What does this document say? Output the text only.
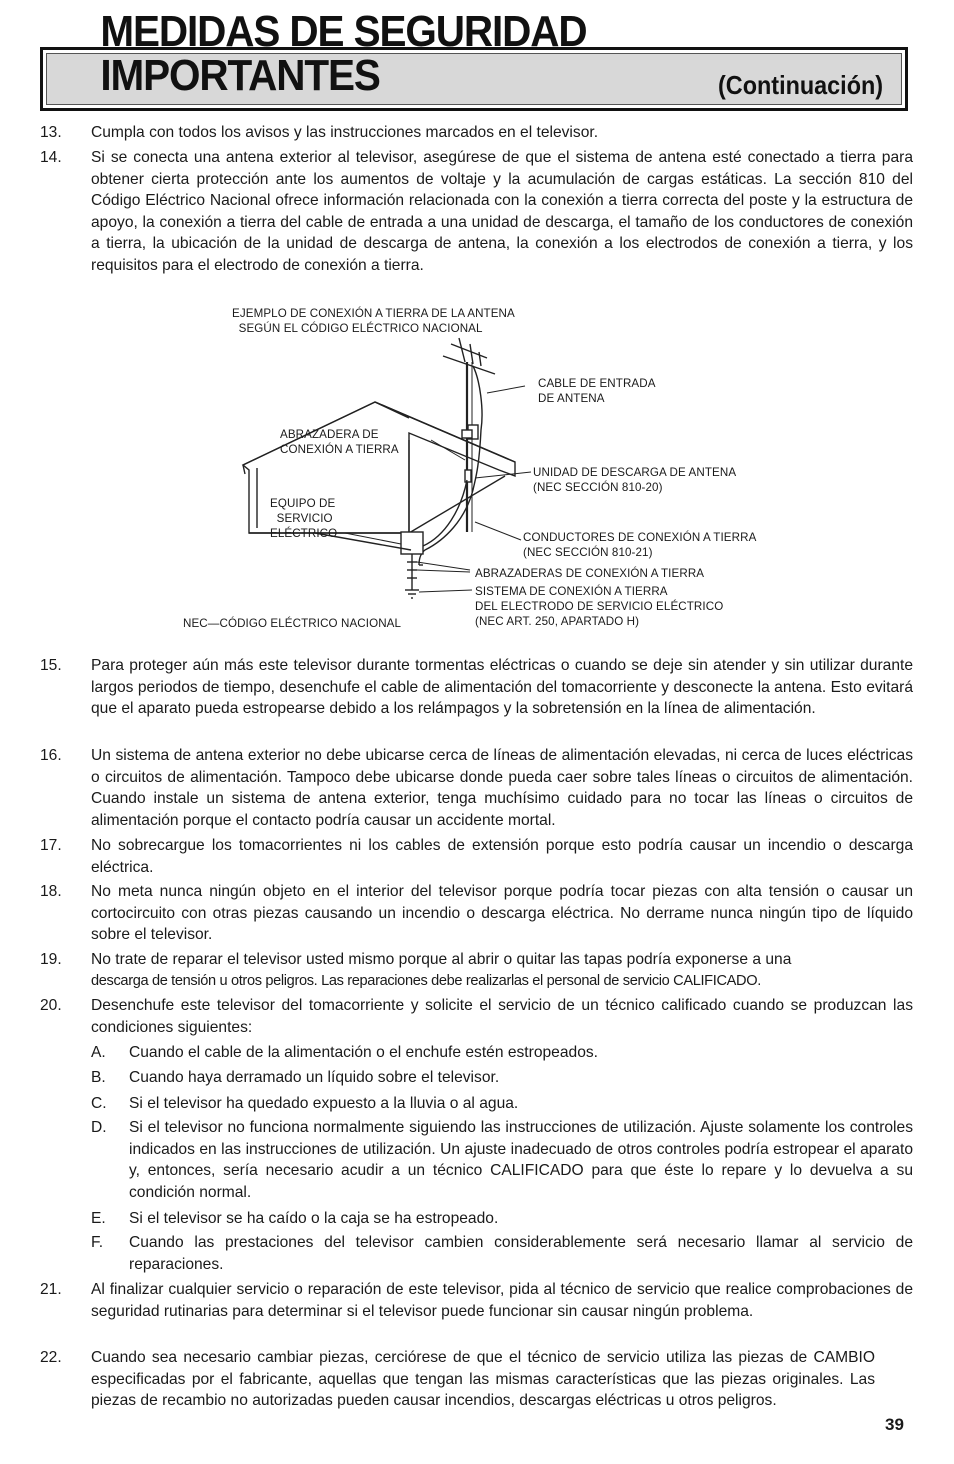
MEDIDAS DE SEGURIDAD IMPORTANTES	(Continuación)
13. Cumpla con todos los avisos y las instrucciones marcados en el televisor.
14. Si se conecta una antena exterior al televisor, asegúrese de que el sistema de antena esté conectado a tierra para obtener cierta protección ante los aumentos de voltaje y la acumulación de cargas estáticas. La sección 810 del Código Eléctrico Nacional ofrece información relacionada con la conexión a tierra correcta del poste y la estructura de apoyo, la conexión a tierra del cable de entrada a una unidad de descarga, el tamaño de los conductores de conexión a tierra, la ubicación de la unidad de descarga de antena, la conexión a los electrodos de conexión a tierra, y los requisitos para el electrodo de conexión a tierra.
EJEMPLO DE CONEXIÓN A TIERRA DE LA ANTENA
SEGÚN EL CÓDIGO ELÉCTRICO NACIONAL
CABLE DE ENTRADA
DE ANTENA
ABRAZADERA DE
CONEXIÓN A TIERRA
UNIDAD DE DESCARGA DE ANTENA
(NEC SECCIÓN 810-20)
EQUIPO DE
SERVICIO
ELÉCTRICO	CONDUCTORES DE CONEXIÓN A TIERRA
(NEC SECCIÓN 810-21)
ABRAZADERAS DE CONEXIÓN A TIERRA
SISTEMA DE CONEXIÓN A TIERRA
DEL ELECTRODO DE SERVICIO ELÉCTRICO
(NEC ART. 250, APARTADO H)
NEC—CÓDIGO ELÉCTRICO NACIONAL
15. Para proteger aún más este televisor durante tormentas eléctricas o cuando se deje sin atender y sin utilizar durante largos periodos de tiempo, desenchufe el cable de alimentación del tomacorriente y desconecte la antena. Esto evitará que el aparato pueda estropearse debido a los relámpagos y la sobretensión en la línea de alimentación.
16. Un sistema de antena exterior no debe ubicarse cerca de líneas de alimentación elevadas, ni cerca de luces eléctricas o circuitos de alimentación. Tampoco debe ubicarse donde pueda caer sobre tales líneas o circuitos de alimentación. Cuando instale un sistema de antena exterior, tenga muchísimo cuidado para no tocar las líneas o circuitos de alimentación porque el contacto podría causar un accidente mortal.
17. No sobrecargue los tomacorrientes ni los cables de extensión porque esto podría causar un incendio o descarga eléctrica.
18. No meta nunca ningún objeto en el interior del televisor porque podría tocar piezas con alta tensión o causar un cortocircuito con otras piezas causando un incendio o descarga eléctrica. No derrame nunca ningún tipo de líquido sobre el televisor.
19. No trate de reparar el televisor usted mismo porque al abrir o quitar las tapas podría exponerse a una
descarga de tensión u otros peligros. Las reparaciones debe realizarlas el personal de servicio CALIFICADO.
20. Desenchufe este televisor del tomacorriente y solicite el servicio de un técnico calificado cuando se produzcan las condiciones siguientes:
A. Cuando el cable de la alimentación o el enchufe estén estropeados.
B. Cuando haya derramado un líquido sobre el televisor.
C. Si el televisor ha quedado expuesto a la lluvia o al agua.
D. Si el televisor no funciona normalmente siguiendo las instrucciones de utilización. Ajuste solamente los controles indicados en las instrucciones de utilización. Un ajuste inadecuado de otros controles podría estropear el aparato y, entonces, sería necesario acudir a un técnico CALIFICADO para que éste lo repare y lo devuelva a su condición normal.
E. Si el televisor se ha caído o la caja se ha estropeado.
F. Cuando las prestaciones del televisor cambien considerablemente será necesario llamar al servicio de reparaciones.
21. Al finalizar cualquier servicio o reparación de este televisor, pida al técnico de servicio que realice comprobaciones de seguridad rutinarias para determinar si el televisor puede funcionar sin causar ningún problema.
22. Cuando sea necesario cambiar piezas, cerciórese de que el técnico de servicio utiliza las piezas de CAMBIO especificadas por el fabricante, aquellas que tengan las mismas características que las piezas originales. Las piezas de recambio no autorizadas pueden causar incendios, descargas eléctricas u otros peligros.
39
